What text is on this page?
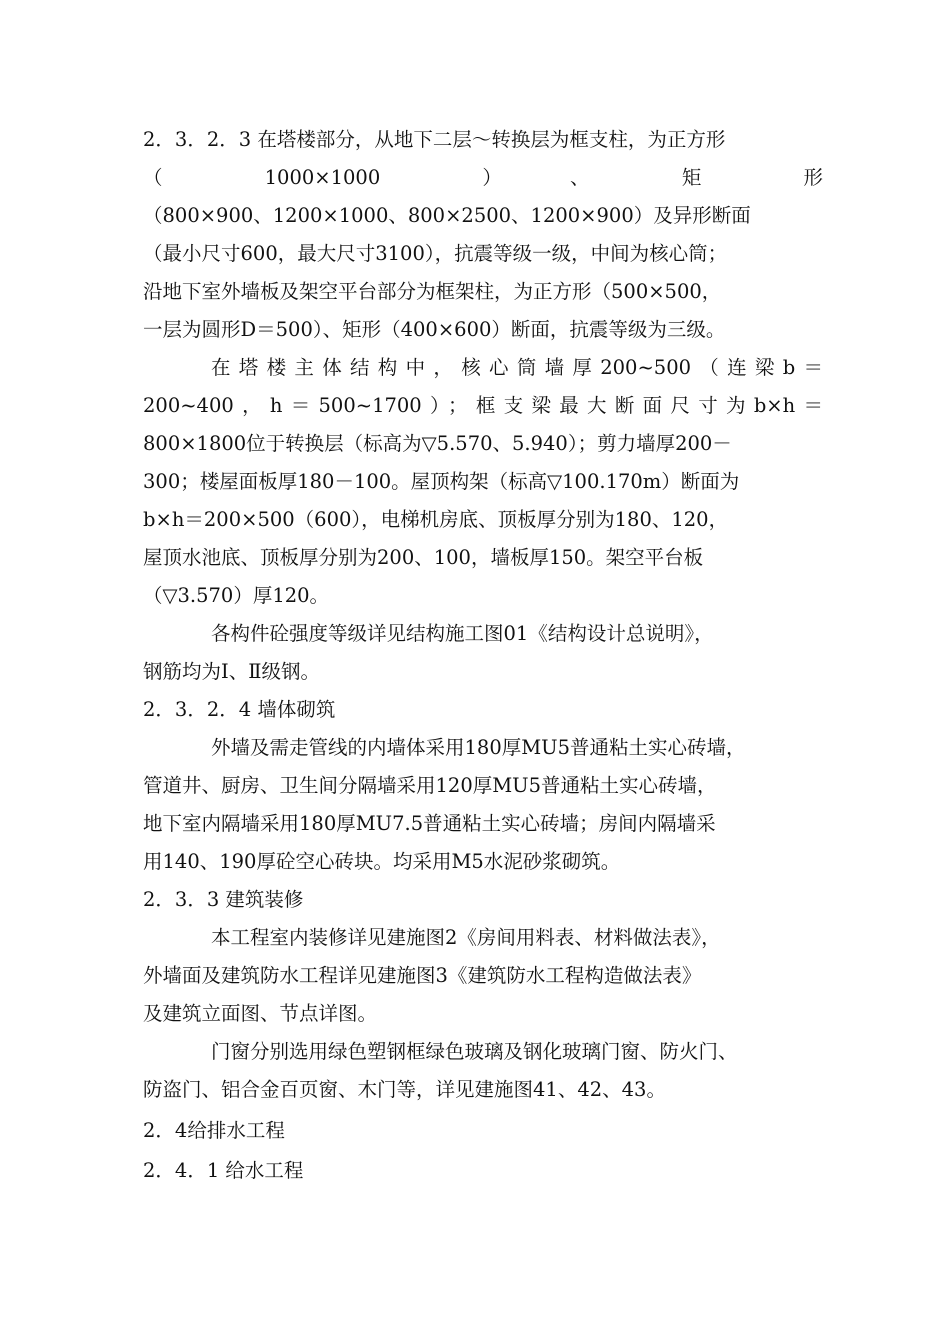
2．3．2．3 在塔楼部分，从地下二层～转换层为框支柱，为正方形
（　　　　1000×1000　　　　）　　　、　　　　矩　　　　形
（800×900、1200×1000、800×2500、1200×900）及异形断面
（最小尺寸600，最大尺寸3100），抗震等级一级，中间为核心筒；
沿地下室外墙板及架空平台部分为框架柱，为正方形（500×500，
一层为圆形D＝500）、矩形（400×600）断面，抗震等级为三级。
在塔楼主体结构中，核心筒墙厚200~500（连梁b＝
200~400，h＝500~1700）；框支梁最大断面尺寸为b×h＝
800×1800位于转换层（标高为▽5.570、5.940）；剪力墙厚200－
300；楼屋面板厚180－100。屋顶构架（标高▽100.170m）断面为
b×h＝200×500（600），电梯机房底、顶板厚分别为180、120，
屋顶水池底、顶板厚分别为200、100，墙板厚150。架空平台板
（▽3.570）厚120。
各构件砼强度等级详见结构施工图01《结构设计总说明》，
钢筋均为Ⅰ、Ⅱ级钢。
2．3．2．4 墙体砌筑
外墙及需走管线的内墙体采用180厚MU5普通粘土实心砖墙，
管道井、厨房、卫生间分隔墙采用120厚MU5普通粘土实心砖墙，
地下室内隔墙采用180厚MU7.5普通粘土实心砖墙；房间内隔墙采
用140、190厚砼空心砖块。均采用M5水泥砂浆砌筑。
2．3．3 建筑装修
本工程室内装修详见建施图2《房间用料表、材料做法表》，
外墙面及建筑防水工程详见建施图3《建筑防水工程构造做法表》
及建筑立面图、节点详图。
门窗分别选用绿色塑钢框绿色玻璃及钢化玻璃门窗、防火门、
防盗门、铝合金百页窗、木门等，详见建施图41、42、43。
2．4给排水工程
2．4．1 给水工程
